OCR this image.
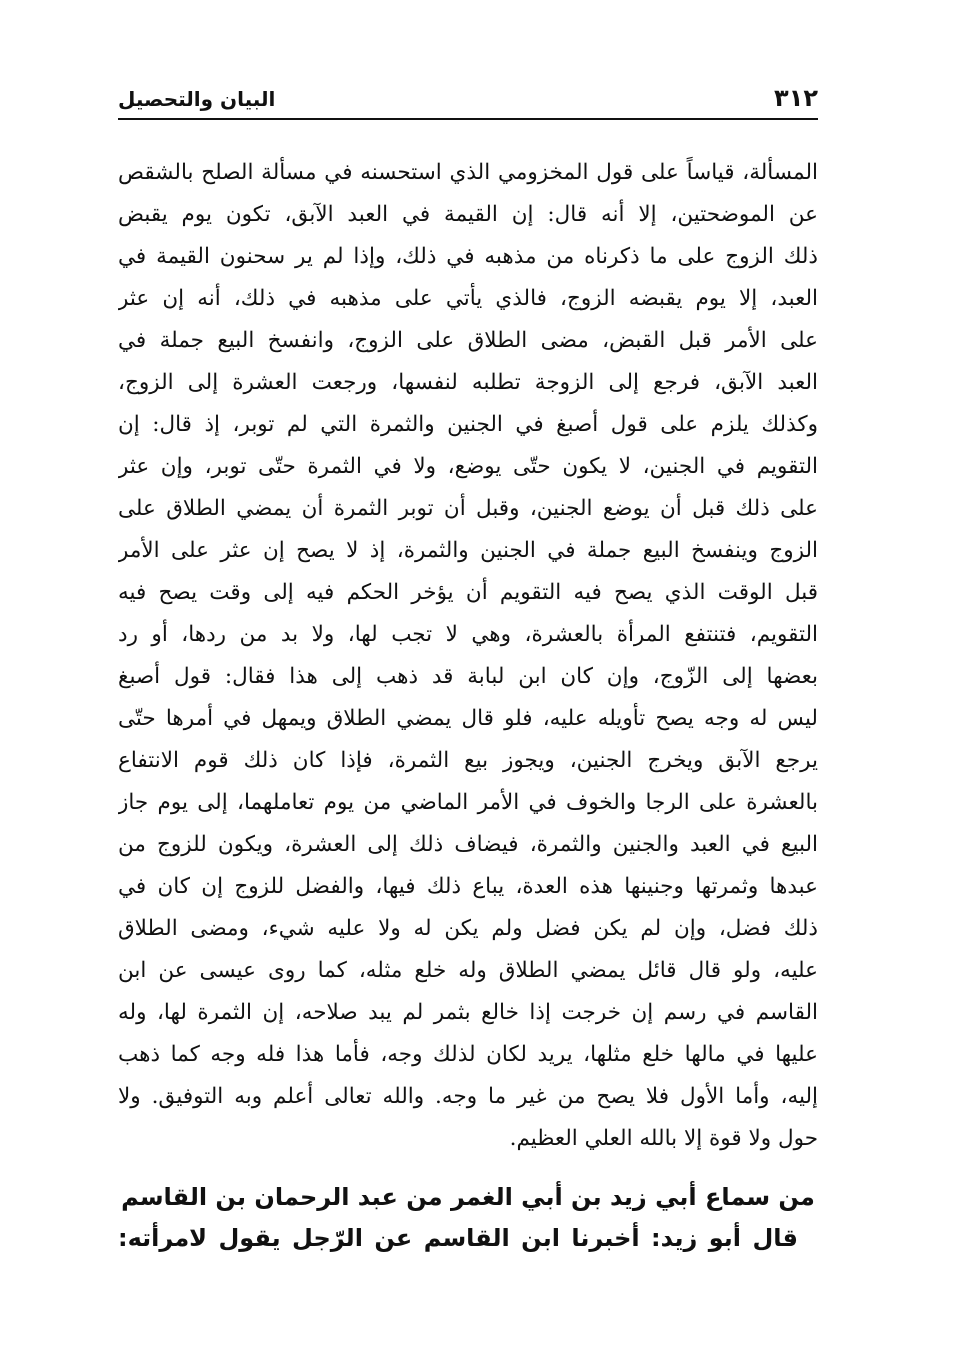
٣١٢
البيان والتحصيل
المسألة، قياساً على قول المخزومي الذي استحسنه في مسألة الصلح بالشقص
عن الموضحتين، إلا أنه قال: إن القيمة في العبد الآبق، تكون يوم يقبض
ذلك الزوج على ما ذكرناه من مذهبه في ذلك، وإذا لم ير سحنون القيمة في
العبد، إلا يوم يقبضه الزوج، فالذي يأتي على مذهبه في ذلك، أنه إن عثر
على الأمر قبل القبض، مضى الطلاق على الزوج، وانفسخ البيع جملة في
العبد الآبق، فرجع إلى الزوجة تطلبه لنفسها، ورجعت العشرة إلى الزوج،
وكذلك يلزم على قول أصبغ في الجنين والثمرة التي لم توبر، إذ قال: إن
التقويم في الجنين، لا يكون حتّى يوضع، ولا في الثمرة حتّى توبر، وإن عثر
على ذلك قبل أن يوضع الجنين، وقبل أن توبر الثمرة أن يمضي الطلاق على
الزوج وينفسخ البيع جملة في الجنين والثمرة، إذ لا يصح إن عثر على الأمر
قبل الوقت الذي يصح فيه التقويم أن يؤخر الحكم فيه إلى وقت يصح فيه
التقويم، فتنتفع المرأة بالعشرة، وهي لا تجب لها، ولا بد من ردها، أو رد
بعضها إلى الزّوج، وإن كان ابن لبابة قد ذهب إلى هذا فقال: قول أصبغ
ليس له وجه يصح تأويله عليه، فلو قال يمضي الطلاق ويمهل في أمرها حتّى
يرجع الآبق ويخرج الجنين، ويجوز بيع الثمرة، فإذا كان ذلك قوم الانتفاع
بالعشرة على الرجا والخوف في الأمر الماضي من يوم تعاملهما، إلى يوم جاز
البيع في العبد والجنين والثمرة، فيضاف ذلك إلى العشرة، ويكون للزوج من
عبدها وثمرتها وجنينها هذه العدة، يباع ذلك فيها، والفضل للزوج إن كان في
ذلك فضل، وإن لم يكن فضل ولم يكن له ولا عليه شيء، ومضى الطلاق
عليه، ولو قال قائل يمضي الطلاق وله خلع مثله، كما روى عيسى عن ابن
القاسم في رسم إن خرجت إذا خالع بثمر لم يبد صلاحه، إن الثمرة لها، وله
عليها في مالها خلع مثلها، يريد لكان لذلك وجه، فأما هذا فله وجه كما ذهب
إليه، وأما الأول فلا يصح من غير ما وجه. والله تعالى أعلم وبه التوفيق. ولا
حول ولا قوة إلا بالله العلي العظيم.
من سماع أبي زيد بن أبي الغمر من عبد الرحمان بن القاسم
قال أبو زيد: أخبرنا ابن القاسم عن الرّجل يقول لامرأته:
